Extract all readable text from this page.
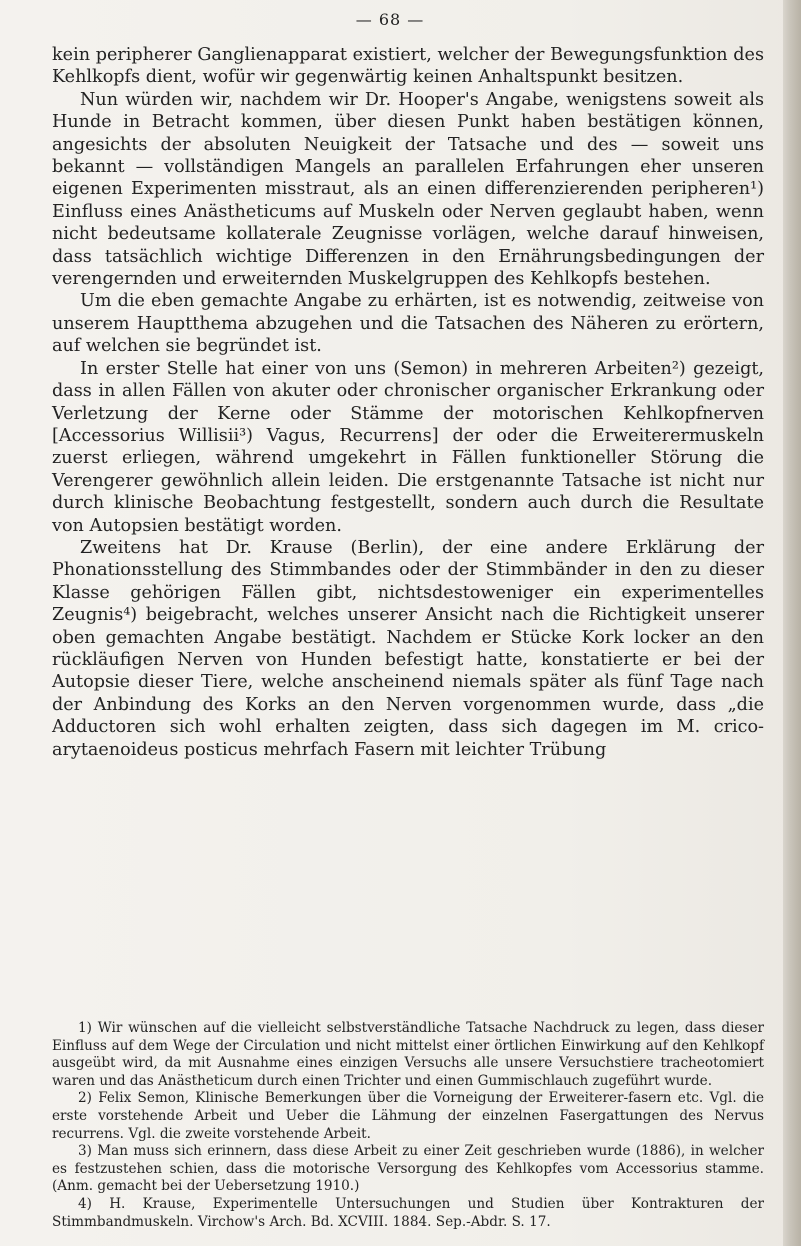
— 68 —

kein peripherer Ganglienapparat existiert, welcher der Bewegungsfunktion des Kehlkopfs dient, wofür wir gegenwärtig keinen Anhaltspunkt besitzen.

Nun würden wir, nachdem wir Dr. Hooper's Angabe, wenigstens soweit als Hunde in Betracht kommen, über diesen Punkt haben bestätigen können, angesichts der absoluten Neuigkeit der Tatsache und des — soweit uns bekannt — vollständigen Mangels an parallelen Erfahrungen eher unseren eigenen Experimenten misstraut, als an einen differenzierenden peripheren¹) Einfluss eines Anästheticums auf Muskeln oder Nerven geglaubt haben, wenn nicht bedeutsame kollaterale Zeugnisse vorlägen, welche darauf hinweisen, dass tatsächlich wichtige Differenzen in den Ernährungsbedingungen der verengernden und erweiternden Muskelgruppen des Kehlkopfs bestehen.

Um die eben gemachte Angabe zu erhärten, ist es notwendig, zeitweise von unserem Hauptthema abzugehen und die Tatsachen des Näheren zu erörtern, auf welchen sie begründet ist.

In erster Stelle hat einer von uns (Semon) in mehreren Arbeiten²) gezeigt, dass in allen Fällen von akuter oder chronischer organischer Erkrankung oder Verletzung der Kerne oder Stämme der motorischen Kehlkopfnerven [Accessorius Willisii³) Vagus, Recurrens] der oder die Erweiterermuskeln zuerst erliegen, während umgekehrt in Fällen funktioneller Störung die Verengerer gewöhnlich allein leiden. Die erstgenannte Tatsache ist nicht nur durch klinische Beobachtung festgestellt, sondern auch durch die Resultate von Autopsien bestätigt worden.

Zweitens hat Dr. Krause (Berlin), der eine andere Erklärung der Phonationsstellung des Stimmbandes oder der Stimmbänder in den zu dieser Klasse gehörigen Fällen gibt, nichtsdestoweniger ein experimentelles Zeugnis⁴) beigebracht, welches unserer Ansicht nach die Richtigkeit unserer oben gemachten Angabe bestätigt. Nachdem er Stücke Kork locker an den rückläufigen Nerven von Hunden befestigt hatte, konstatierte er bei der Autopsie dieser Tiere, welche anscheinend niemals später als fünf Tage nach der Anbindung des Korks an den Nerven vorgenommen wurde, dass „die Adductoren sich wohl erhalten zeigten, dass sich dagegen im M. crico-arytaenoideus posticus mehrfach Fasern mit leichter Trübung

1) Wir wünschen auf die vielleicht selbstverständliche Tatsache Nachdruck zu legen, dass dieser Einfluss auf dem Wege der Circulation und nicht mittelst einer örtlichen Einwirkung auf den Kehlkopf ausgeübt wird, da mit Ausnahme eines einzigen Versuchs alle unsere Versuchstiere tracheotomiert waren und das Anästheticum durch einen Trichter und einen Gummischlauch zugeführt wurde.

2) Felix Semon, Klinische Bemerkungen über die Vorneigung der Erweiterer-fasern etc. Vgl. die erste vorstehende Arbeit und Ueber die Lähmung der einzelnen Fasergattungen des Nervus recurrens. Vgl. die zweite vorstehende Arbeit.

3) Man muss sich erinnern, dass diese Arbeit zu einer Zeit geschrieben wurde (1886), in welcher es festzustehen schien, dass die motorische Versorgung des Kehlkopfes vom Accessorius stamme. (Anm. gemacht bei der Uebersetzung 1910.)

4) H. Krause, Experimentelle Untersuchungen und Studien über Kontrakturen der Stimmbandmuskeln. Virchow's Arch. Bd. XCVIII. 1884. Sep.-Abdr. S. 17.
